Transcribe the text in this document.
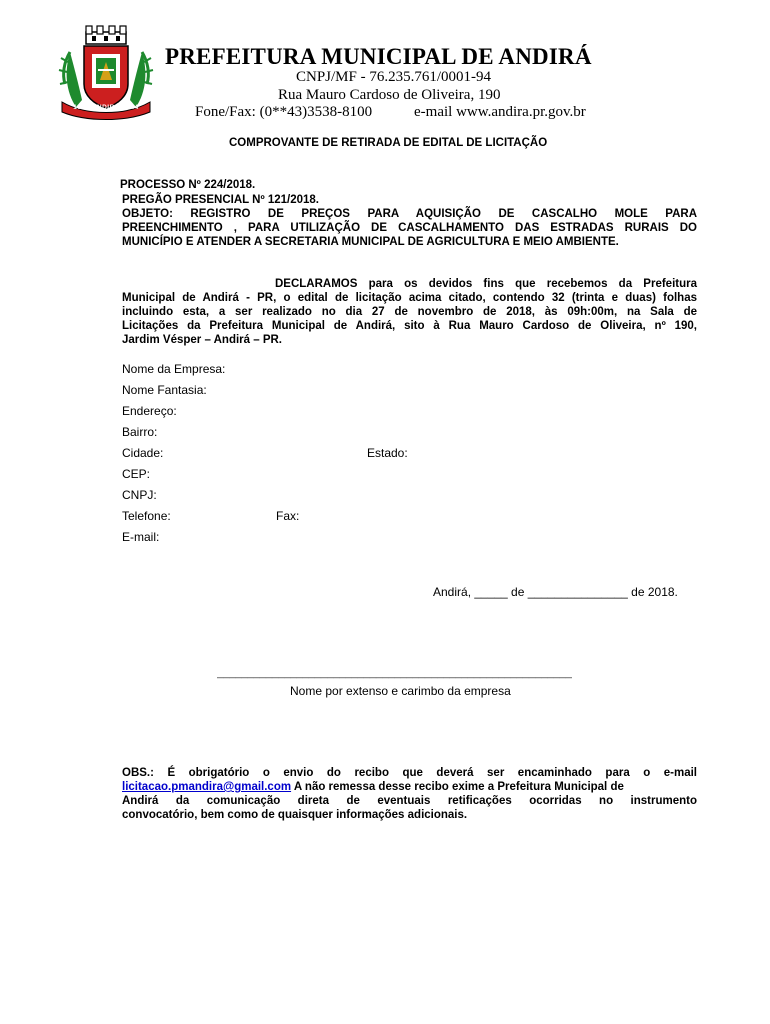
1943 ANDIRÁ 1944
PREFEITURA MUNICIPAL DE ANDIRÁ
CNPJ/MF - 76.235.761/0001-94
Rua Mauro Cardoso de Oliveira, 190
Fone/Fax: (0**43)3538-8100	e-mail www.andira.pr.gov.br
COMPROVANTE DE RETIRADA DE EDITAL DE LICITAÇÃO
PROCESSO Nº 224/2018.
PREGÃO PRESENCIAL Nº 121/2018.
OBJETO: REGISTRO DE PREÇOS PARA AQUISIÇÃO DE CASCALHO MOLE PARA
PREENCHIMENTO , PARA UTILIZAÇÃO DE CASCALHAMENTO DAS ESTRADAS RURAIS DO
MUNICÍPIO E ATENDER A SECRETARIA MUNICIPAL DE AGRICULTURA E MEIO AMBIENTE.
DECLARAMOS para os devidos fins que recebemos da Prefeitura
Municipal de Andirá - PR, o edital de licitação acima citado, contendo 32 (trinta e duas) folhas
incluindo esta, a ser realizado no dia 27 de novembro de 2018, às 09h:00m, na Sala de
Licitações da Prefeitura Municipal de Andirá, sito à Rua Mauro Cardoso de Oliveira, nº 190,
Jardim Vésper – Andirá – PR.
Nome da Empresa:
Nome Fantasia:
Endereço:
Bairro:
Cidade:	Estado:
CEP:
CNPJ:
Telefone:	Fax:
E-mail:
Andirá, _____ de _______________ de 2018.
__________________________________________________________
Nome por extenso e carimbo da empresa
OBS.: É obrigatório o envio do recibo que deverá ser encaminhado para o e-mail
licitacao.pmandira@gmail.com A não remessa desse recibo exime a Prefeitura Municipal de
Andirá da comunicação direta de eventuais retificações ocorridas no instrumento
convocatório, bem como de quaisquer informações adicionais.
